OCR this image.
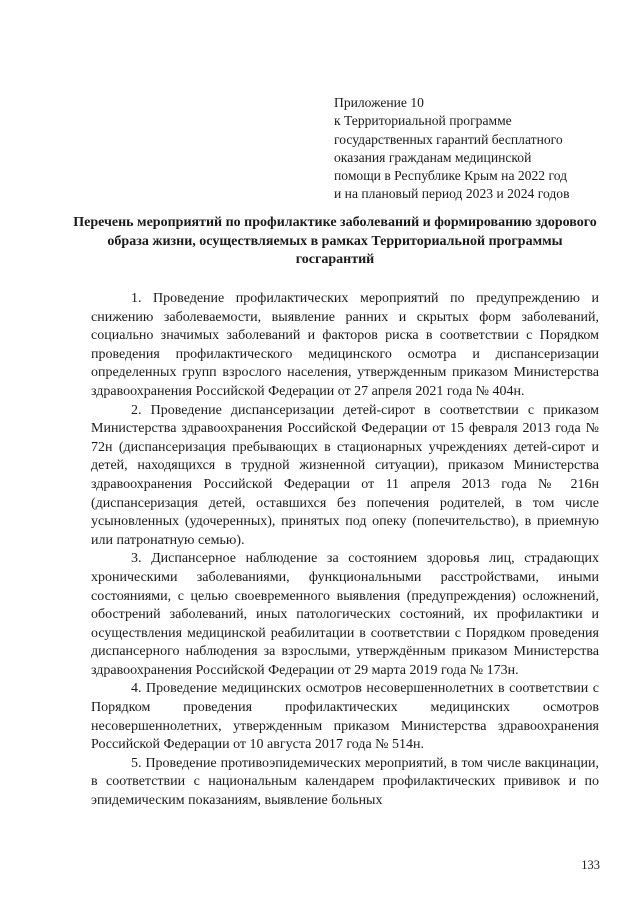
Приложение 10
к Территориальной программе
государственных гарантий бесплатного
оказания гражданам медицинской
помощи в Республике Крым на 2022 год
и на плановый период 2023 и 2024 годов
Перечень мероприятий по профилактике заболеваний и формированию здорового образа жизни, осуществляемых в рамках Территориальной программы госгарантий

1. Проведение профилактических мероприятий по предупреждению и снижению заболеваемости, выявление ранних и скрытых форм заболеваний, социально значимых заболеваний и факторов риска в соответствии с Порядком проведения профилактического медицинского осмотра и диспансеризации определенных групп взрослого населения, утвержденным приказом Министерства здравоохранения Российской Федерации от 27 апреля 2021 года № 404н.

2. Проведение диспансеризации детей-сирот в соответствии с приказом Министерства здравоохранения Российской Федерации от 15 февраля 2013 года № 72н (диспансеризация пребывающих в стационарных учреждениях детей-сирот и детей, находящихся в трудной жизненной ситуации), приказом Министерства здравоохранения Российской Федерации от 11 апреля 2013 года № 216н (диспансеризация детей, оставшихся без попечения родителей, в том числе усыновленных (удочеренных), принятых под опеку (попечительство), в приемную или патронатную семью).

3. Диспансерное наблюдение за состоянием здоровья лиц, страдающих хроническими заболеваниями, функциональными расстройствами, иными состояниями, с целью своевременного выявления (предупреждения) осложнений, обострений заболеваний, иных патологических состояний, их профилактики и осуществления медицинской реабилитации в соответствии с Порядком проведения диспансерного наблюдения за взрослыми, утверждённым приказом Министерства здравоохранения Российской Федерации от 29 марта 2019 года № 173н.

4. Проведение медицинских осмотров несовершеннолетних в соответствии с Порядком проведения профилактических медицинских осмотров несовершеннолетних, утвержденным приказом Министерства здравоохранения Российской Федерации от 10 августа 2017 года № 514н.

5. Проведение противоэпидемических мероприятий, в том числе вакцинации, в соответствии с национальным календарем профилактических прививок и по эпидемическим показаниям, выявление больных

133
